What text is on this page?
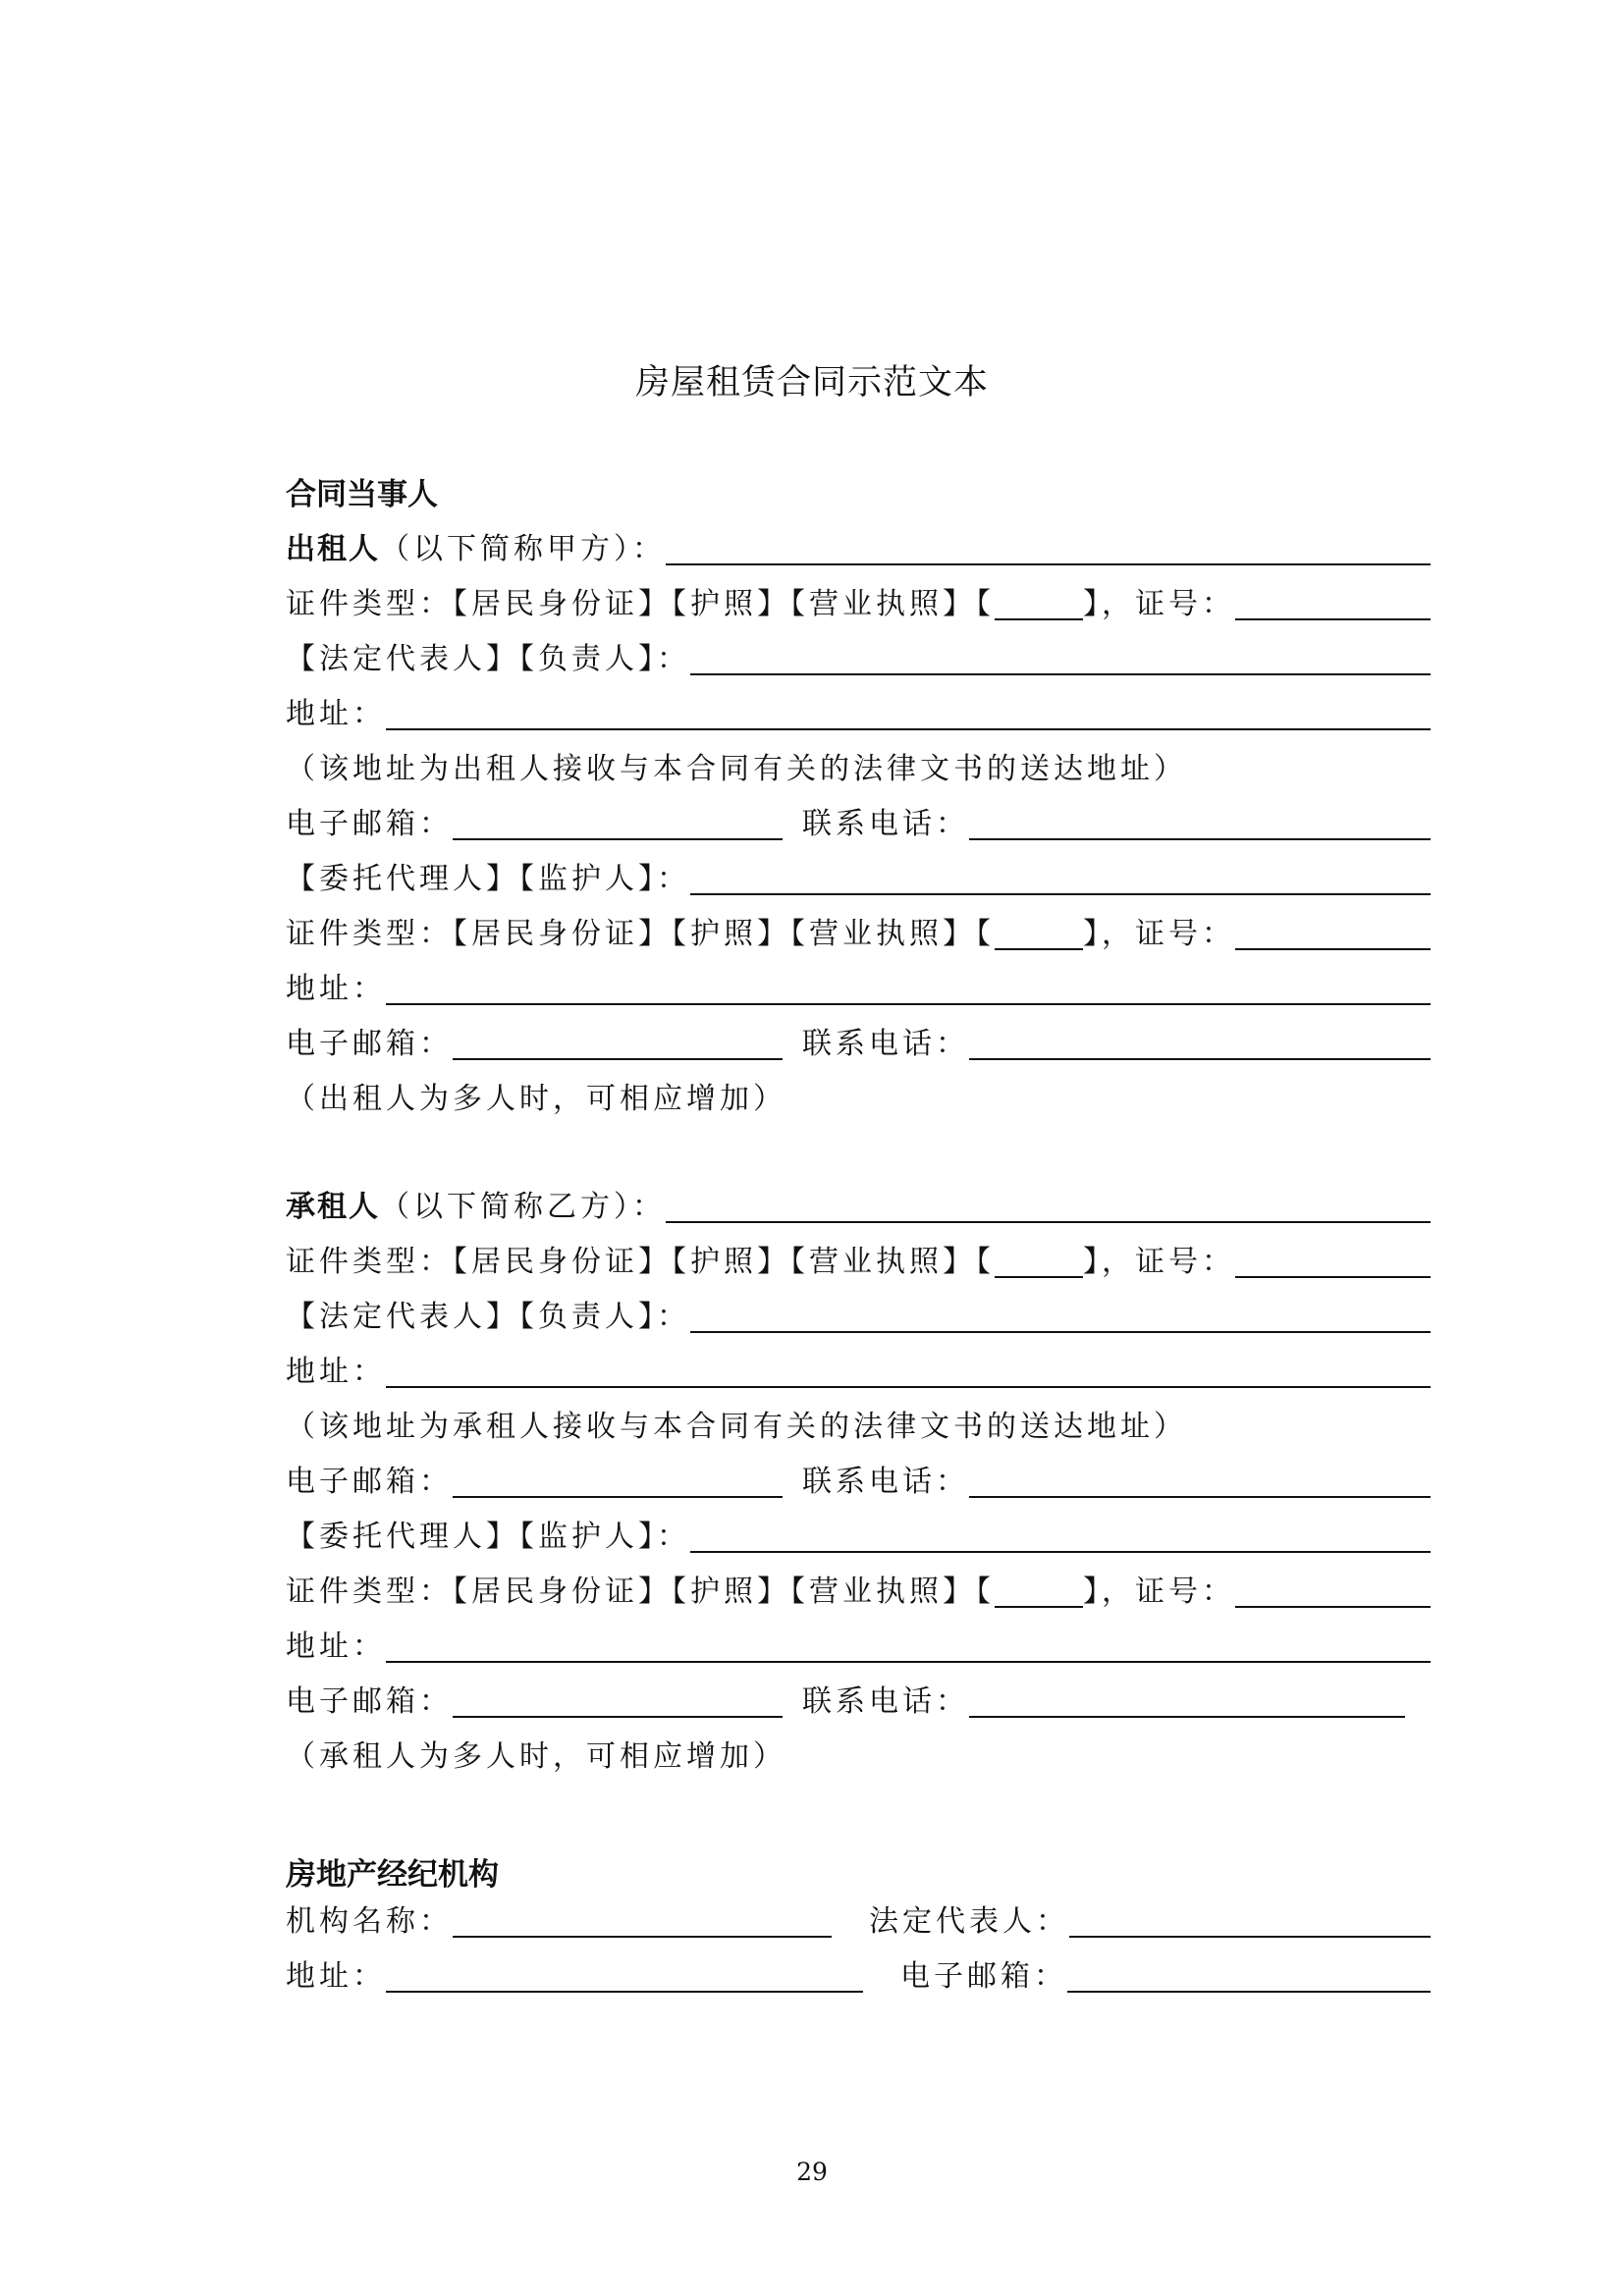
房屋租赁合同示范文本
合同当事人
出租人 （以下简称甲方）：
证件类型：【居民身份证】【护照】【营业执照】【	】，证号：
【法定代表人】【负责人】：
地址：
（该地址为出租人接收与本合同有关的法律文书的送达地址）
电子邮箱：	联系电话：
【委托代理人】【监护人】：
证件类型：【居民身份证】【护照】【营业执照】【	】，证号：
地址：
电子邮箱：	联系电话：
（出租人为多人时，可相应增加）
承租人 （以下简称乙方）：
证件类型：【居民身份证】【护照】【营业执照】【	】，证号：
【法定代表人】【负责人】：
地址：
（该地址为承租人接收与本合同有关的法律文书的送达地址）
电子邮箱：	联系电话：
【委托代理人】【监护人】：
证件类型：【居民身份证】【护照】【营业执照】【	】，证号：
地址：
电子邮箱：	联系电话：
（承租人为多人时，可相应增加）
房地产经纪机构
机构名称：	法定代表人：
地址：	电子邮箱：
29
